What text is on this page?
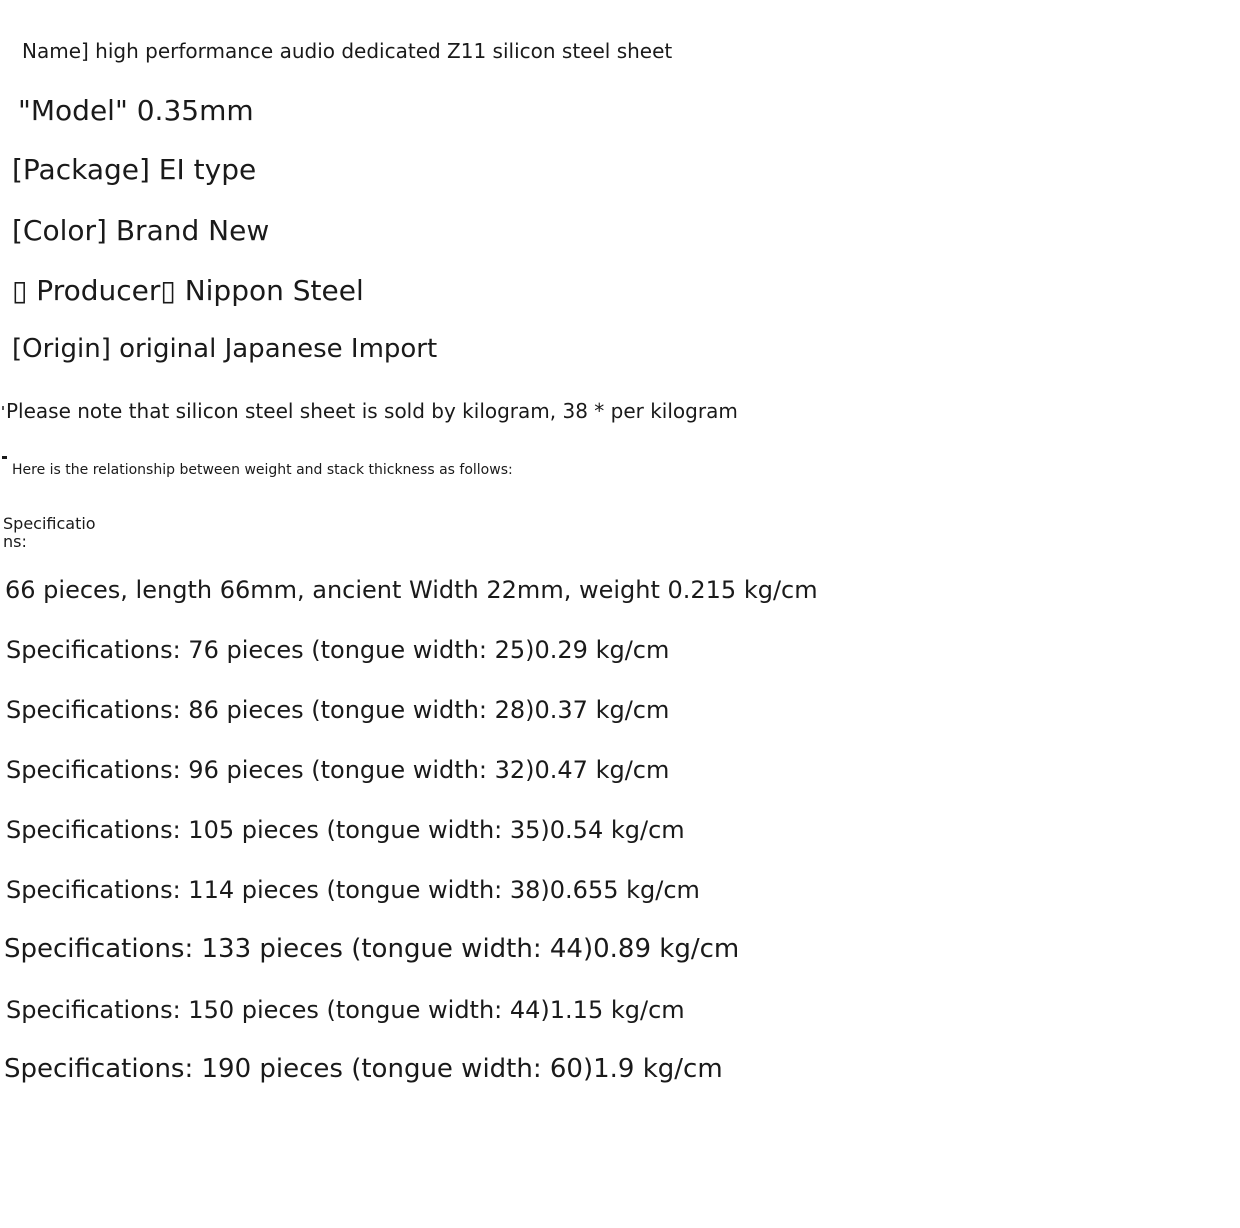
Name] high performance audio dedicated Z11 silicon steel sheet
"Model" 0.35mm
[Package] EI type
[Color] Brand New
▯ Producer▯ Nippon Steel
[Origin] original Japanese Import
Please note that silicon steel sheet is sold by kilogram, 38 * per kilogram
Here is the relationship between weight and stack thickness as follows:
Specifications:
66 pieces, length 66mm, ancient Width 22mm, weight 0.215 kg/cm
Specifications: 76 pieces (tongue width: 25)0.29 kg/cm
Specifications: 86 pieces (tongue width: 28)0.37 kg/cm
Specifications: 96 pieces (tongue width: 32)0.47 kg/cm
Specifications: 105 pieces (tongue width: 35)0.54 kg/cm
Specifications: 114 pieces (tongue width: 38)0.655 kg/cm
Specifications: 133 pieces (tongue width: 44)0.89 kg/cm
Specifications: 150 pieces (tongue width: 44)1.15 kg/cm
Specifications: 190 pieces (tongue width: 60)1.9 kg/cm
